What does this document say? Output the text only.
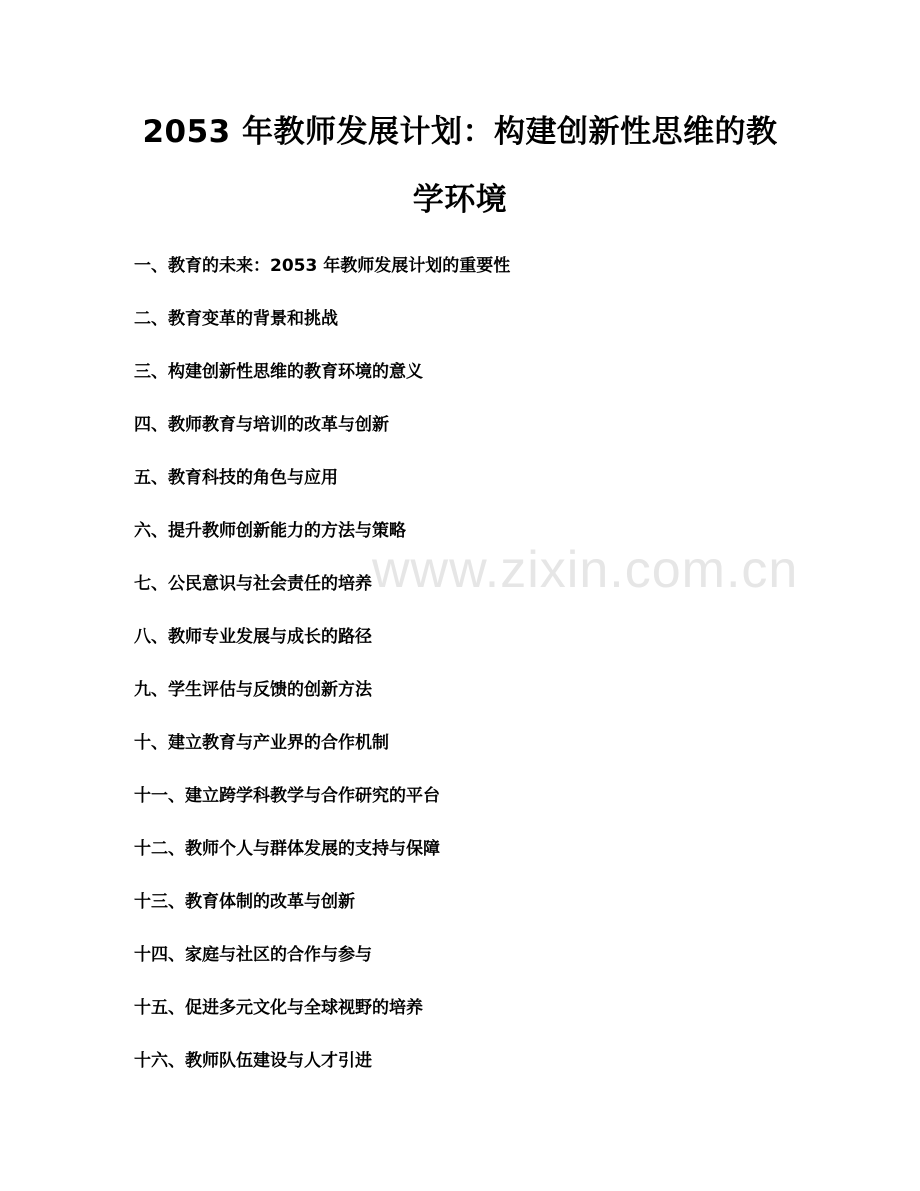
2053 年教师发展计划：构建创新性思维的教
学环境
一、教育的未来：2053 年教师发展计划的重要性
二、教育变革的背景和挑战
三、构建创新性思维的教育环境的意义
四、教师教育与培训的改革与创新
五、教育科技的角色与应用
六、提升教师创新能力的方法与策略
七、公民意识与社会责任的培养
八、教师专业发展与成长的路径
九、学生评估与反馈的创新方法
十、建立教育与产业界的合作机制
十一、建立跨学科教学与合作研究的平台
十二、教师个人与群体发展的支持与保障
十三、教育体制的改革与创新
十四、家庭与社区的合作与参与
十五、促进多元文化与全球视野的培养
十六、教师队伍建设与人才引进
www.zixin.com.cn
